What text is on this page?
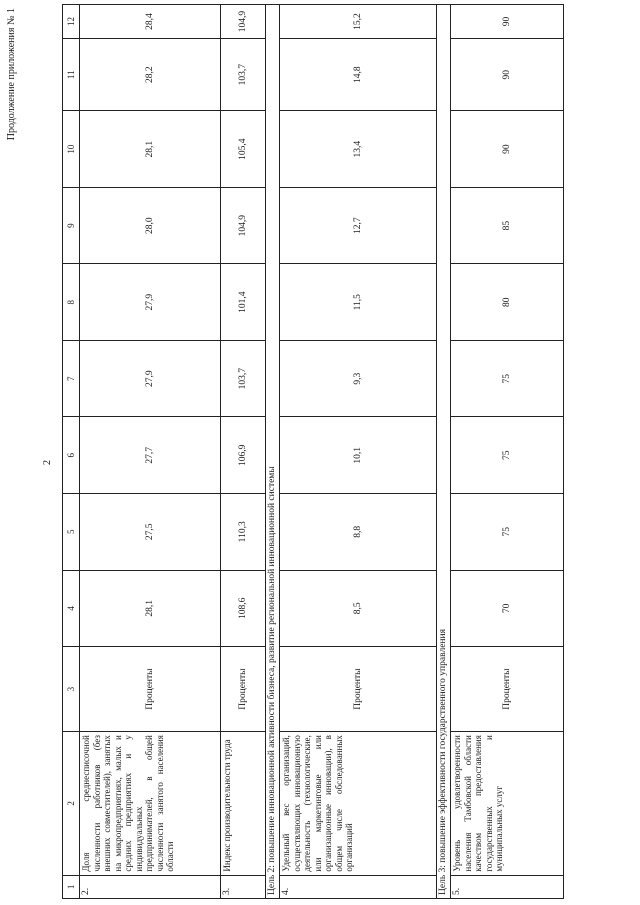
2
Продолжение приложения № 1
1	2	3	4	5	6	7	8	9	10	11	12
2.	Доля среднесписочной численности работников (без внешних совместителей), занятых на микропредприятиях, малых и средних предприятиях и у индивидуальных предпринимателей, в общей численности занятого населения области	Проценты	28,1	27,5	27,7	27,9	27,9	28,0	28,1	28,2	28,4
3.	Индекс производительности труда	Проценты	108,6	110,3	106,9	103,7	101,4	104,9	105,4	103,7	104,9
Цель 2: повышение инновационной активности бизнеса, развитие региональной инновационной системы											
4.	Удельный вес организаций, осуществляющих инновационную деятельность (технологические, или маркетинговые или организационные инновации), в общем числе обследованных организаций	Проценты	8,5	8,8	10,1	9,3	11,5	12,7	13,4	14,8	15,2
Цель 3: повышение эффективности государственного управления											
5.	Уровень удовлетворенности населения Тамбовской области качеством предоставления государственных и муниципальных услуг	Проценты	70	75	75	75	80	85	90	90	90
